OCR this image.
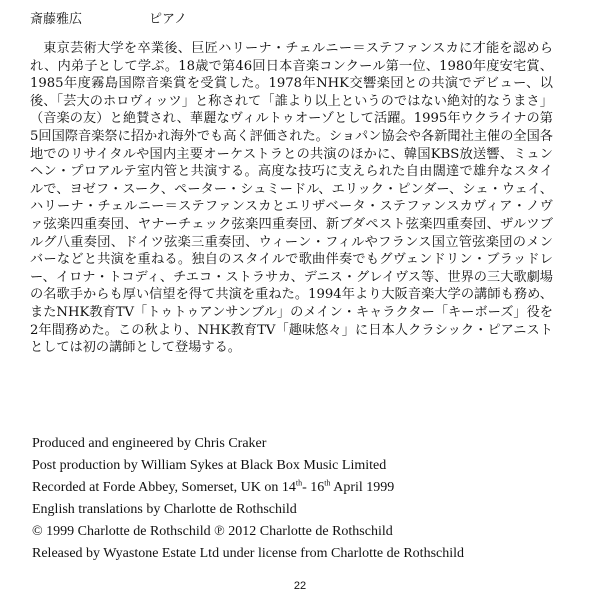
斎藤雅広	ピアノ

東京芸術大学を卒業後、巨匠ハリーナ・チェルニー＝ステファンスカに才能を認められ、内弟子として学ぶ。18歳で第46回日本音楽コンクール第一位、1980年度安宅賞、1985年度霧島国際音楽賞を受賞した。1978年NHK交響楽団との共演でデビュー、以後、「芸大のホロヴィッツ」と称されて「誰より以上というのではない絶対的なうまさ」（音楽の友）と絶賛され、華麗なヴィルトゥオーゾとして活躍。1995年ウクライナの第5回国際音楽祭に招かれ海外でも高く評価された。ショパン協会や各新聞社主催の全国各地でのリサイタルや国内主要オーケストラとの共演のほかに、韓国KBS放送響、ミュンヘン・プロアルテ室内管と共演する。高度な技巧に支えられた自由闊達で雄弁なスタイルで、ヨゼフ・スーク、ペーター・シュミードル、エリック・ピンダー、シェ・ウェイ、ハリーナ・チェルニー＝ステファンスカとエリザベータ・ステファンスカヴィア・ノヴァ弦楽四重奏団、ヤナーチェック弦楽四重奏団、新ブダペスト弦楽四重奏団、ザルツブルグ八重奏団、ドイツ弦楽三重奏団、ウィーン・フィルやフランス国立管弦楽団のメンバーなどと共演を重ねる。独自のスタイルで歌曲伴奏でもグヴェンドリン・ブラッドレー、イロナ・トコディ、チエコ・ストラサカ、デニス・グレイヴス等、世界の三大歌劇場の名歌手からも厚い信望を得て共演を重ねた。1994年より大阪音楽大学の講師も務め、またNHK教育TV「トゥトゥアンサンブル」のメイン・キャラクター「キーボーズ」役を2年間務めた。この秋より、NHK教育TV「趣味悠々」に日本人クラシック・ピアニストとしては初の講師として登場する。

Produced and engineered by Chris Craker
Post production by William Sykes at Black Box Music Limited
Recorded at Forde Abbey, Somerset, UK on 14th- 16th April 1999
English translations by Charlotte de Rothschild
© 1999 Charlotte de Rothschild ℗ 2012 Charlotte de Rothschild
Released by Wyastone Estate Ltd under license from Charlotte de Rothschild
22
